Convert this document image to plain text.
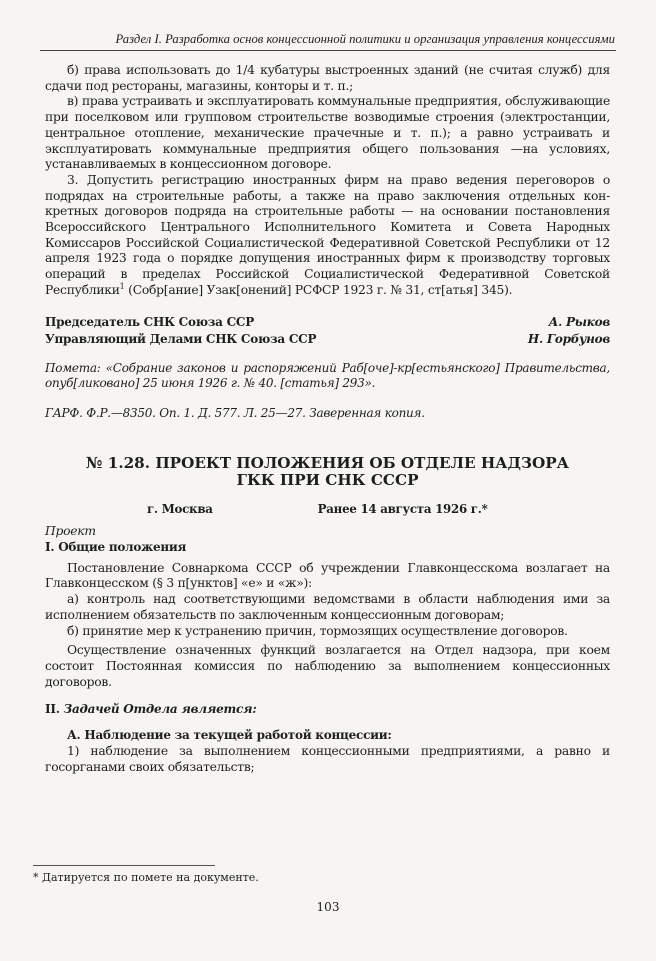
Раздел I. Разработка основ концессионной политики и организация управления концессиями

б) права использовать до 1/4 кубатуры выстроенных зданий (не считая служб) для сдачи под рестораны, магазины, конторы и т. п.;

в) права устраивать и эксплуатировать коммунальные предприятия, обслуживающие при поселковом или групповом строительстве возводимые строения (электростанции, центральное отопление, механические прачечные и т. п.); а равно устраивать и эксплуатировать коммунальные предприятия общего пользования —на условиях, устанавливаемых в концессионном договоре.

3. Допустить регистрацию иностранных фирм на право ведения переговоров о подрядах на строительные работы, а также на право заключения отдельных кон-кретных договоров подряда на строительные работы — на основании постановления Всероссийского Центрального Исполнительного Комитета и Совета Народных Комиссаров Российской Социалистической Федеративной Советской Республики от 12 апреля 1923 года о порядке допущения иностранных фирм к производству торговых операций в пределах Российской Социалистической Федеративной Советской Республики$^1$ (Собр[ание] Узак[онений] РСФСР 1923 г. № 31, ст[атья] 345).

Председатель СНК Союза ССР	А. Рыков
Управляющий Делами СНК Союза ССР	Н. Горбунов

Помета: «Собрание законов и распоряжений Раб[оче]-кр[естьянского] Правительства, опуб[ликовано] 25 июня 1926 г. № 40. [статья] 293».

ГАРФ. Ф.Р.—8350. Оп. 1. Д. 577. Л. 25—27. Заверенная копия.

№ 1.28. ПРОЕКТ ПОЛОЖЕНИЯ ОБ ОТДЕЛЕ НАДЗОРА
ГКК ПРИ СНК СССР
г. Москва	Ранее 14 августа 1926 г.*

Проект

I. Общие положения

Постановление Совнаркома СССР об учреждении Главконцесскома возлагает на Главконцесском (§ 3 п[унктов] «е» и «ж»):

а) контроль над соответствующими ведомствами в области наблюдения ими за исполнением обязательств по заключенным концессионным договорам;

б) принятие мер к устранению причин, тормозящих осуществление договоров.

Осуществление означенных функций возлагается на Отдел надзора, при коем состоит Постоянная комиссия по наблюдению за выполнением концессионных договоров.

II. Задачей Отдела является:

А. Наблюдение за текущей работой концессии:

1) наблюдение за выполнением концессионными предприятиями, а равно и госорганами своих обязательств;

* Датируется по помете на документе.
103
